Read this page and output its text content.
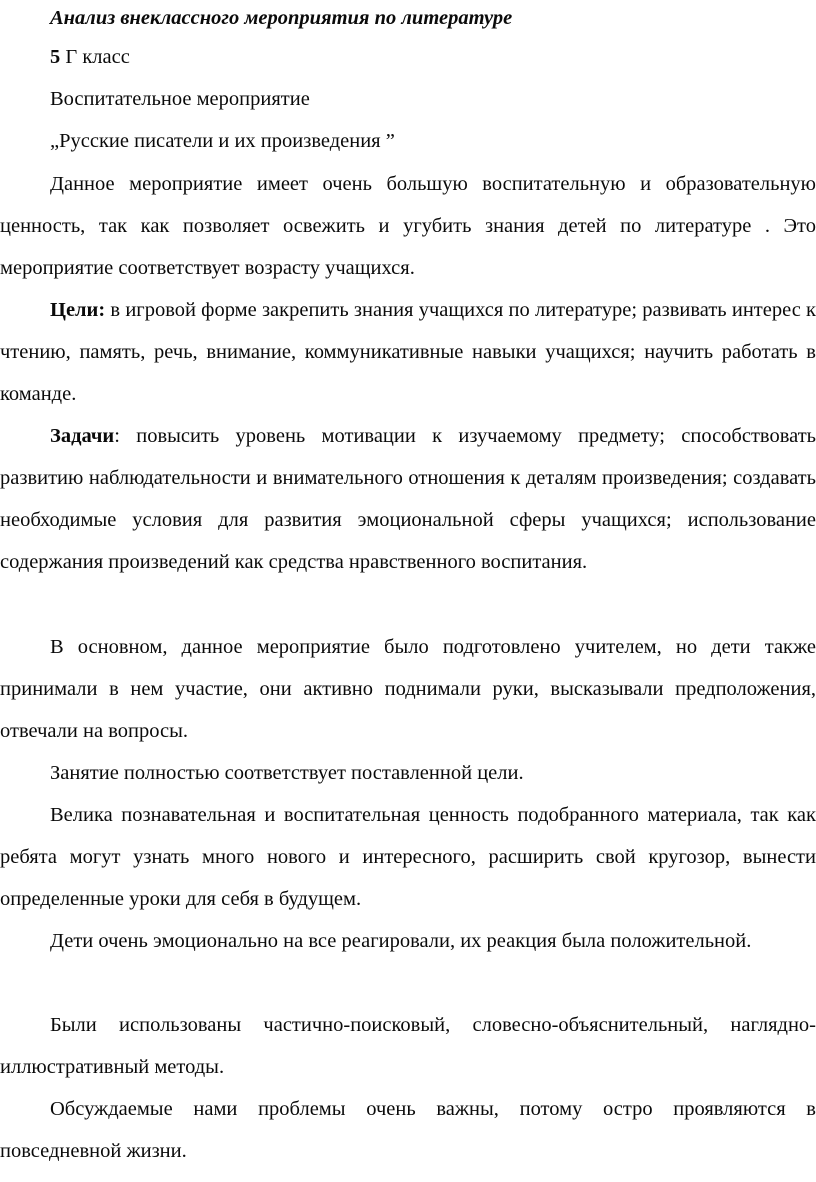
Анализ внеклассного мероприятия по литературе
5 Г класс
Воспитательное мероприятие
„Русские писатели и их произведения ”

Данное мероприятие имеет очень большую воспитательную и образовательную ценность, так как позволяет освежить и угубить знания детей по литературе . Это мероприятие соответствует возрасту учащихся.

Цели: в игровой форме закрепить знания учащихся по литературе; развивать интерес к чтению, память, речь, внимание, коммуникативные навыки учащихся; научить работать в команде.

Задачи: повысить уровень мотивации к изучаемому предмету; способствовать развитию наблюдательности и внимательного отношения к деталям произведения; создавать необходимые условия для развития эмоциональной сферы учащихся; использование содержания произведений как средства нравственного воспитания.

В основном, данное мероприятие было подготовлено учителем, но дети также принимали в нем участие, они активно поднимали руки, высказывали предположения, отвечали на вопросы.

Занятие полностью соответствует поставленной цели.

Велика познавательная и воспитательная ценность подобранного материала, так как ребята могут узнать много нового и интересного, расширить свой кругозор, вынести определенные уроки для себя в будущем.

Дети очень эмоционально на все реагировали, их реакция была положительной.

Были использованы частично-поисковый, словесно-объяснительный, наглядно-иллюстративный методы.

Обсуждаемые нами проблемы очень важны, потому остро проявляются в повседневной жизни.
